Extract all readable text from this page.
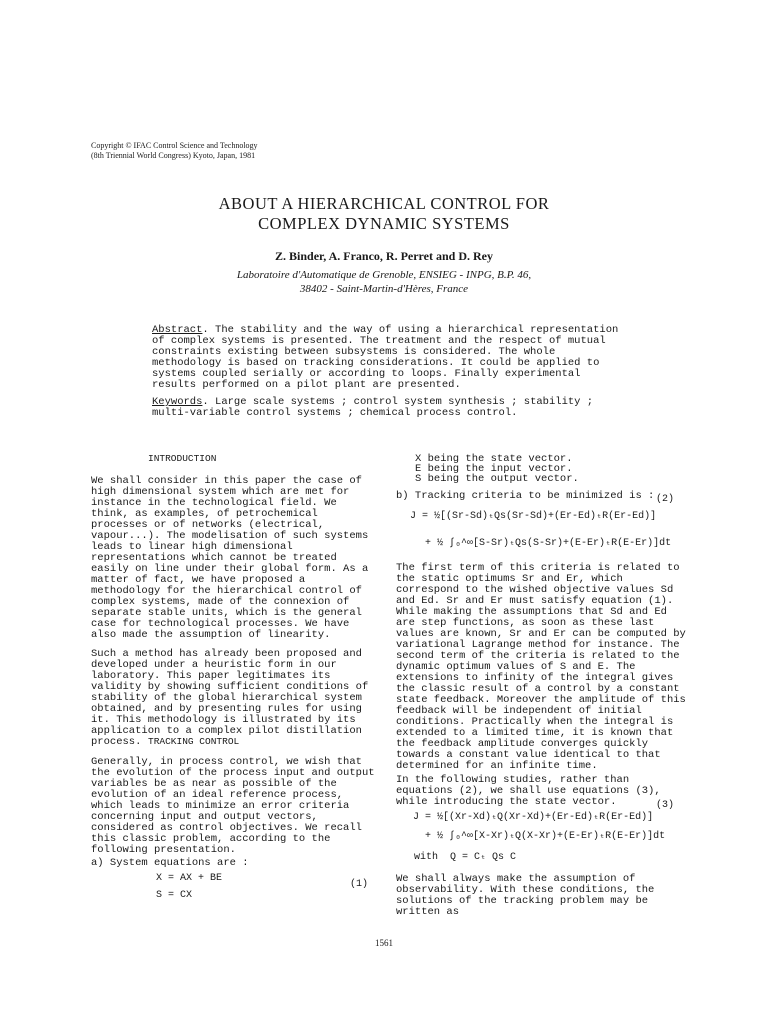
Copyright © IFAC Control Science and Technology
(8th Triennial World Congress) Kyoto, Japan, 1981
ABOUT A HIERARCHICAL CONTROL FOR
COMPLEX DYNAMIC SYSTEMS
Z. Binder, A. Franco, R. Perret and D. Rey
Laboratoire d'Automatique de Grenoble, ENSIEG - INPG, B.P. 46,
38402 - Saint-Martin-d'Hères, France
Abstract. The stability and the way of using a hierarchical representation of complex systems is presented. The treatment and the respect of mutual constraints existing between subsystems is considered. The whole methodology is based on tracking considerations. It could be applied to systems coupled serially or according to loops. Finally experimental results performed on a pilot plant are presented.
Keywords. Large scale systems ; control system synthesis ; stability ; multi-variable control systems ; chemical process control.
INTRODUCTION

We shall consider in this paper the case of high dimensional system which are met for instance in the technological field. We think, as examples, of petrochemical processes or of networks (electrical, vapour...). The modelisation of such systems leads to linear high dimensional representations which cannot be treated easily on line under their global form. As a matter of fact, we have proposed a methodology for the hierarchical control of complex systems, made of the connexion of separate stable units, which is the general case for technological processes. We have also made the assumption of linearity.

Such a method has already been proposed and developed under a heuristic form in our laboratory. This paper legitimates its validity by showing sufficient conditions of stability of the global hierarchical system obtained, and by presenting rules for using it. This methodology is illustrated by its application to a complex pilot distillation process. TRACKING CONTROL
Generally, in process control, we wish that the evolution of the process input and output variables be as near as possible of the evolution of an ideal reference process, which leads to minimize an error criteria concerning input and output vectors, considered as control objectives. We recall this classic problem, according to the following presentation.
a) System equations are :
X = AX + BE
S = CX
(1)
X being the state vector.
E being the input vector.
S being the output vector.
b) Tracking criteria to be minimized is : (2)
J = ½[(Sr-Sd)ₜQs(Sr-Sd)+(Er-Ed)ₜR(Er-Ed)]
+ ½ ∫₀^∞[S-Sr)ₜQs(S-Sr)+(E-Er)ₜR(E-Er)]dt
The first term of this criteria is related to the static optimums Sr and Er, which correspond to the wished objective values Sd and Ed. Sr and Er must satisfy equation (1). While making the assumptions that Sd and Ed are step functions, as soon as these last values are known, Sr and Er can be computed by variational Lagrange method for instance. The second term of the criteria is related to the dynamic optimum values of S and E. The extensions to infinity of the integral gives the classic result of a control by a constant state feedback. Moreover the amplitude of this feedback will be independent of initial conditions. Practically when the integral is extended to a limited time, it is known that the feedback amplitude converges quickly towards a constant value identical to that determined for an infinite time.
In the following studies, rather than equations (2), we shall use equations (3), while introducing the state vector.	(3)
J = ½[(Xr-Xd)ₜQ(Xr-Xd)+(Er-Ed)ₜR(Er-Ed)]
+ ½ ∫₀^∞[X-Xr)ₜQ(X-Xr)+(E-Er)ₜR(E-Er)]dt
with  Q = Cₜ Qs C
We shall always make the assumption of observability. With these conditions, the solutions of the tracking problem may be written as
1561
